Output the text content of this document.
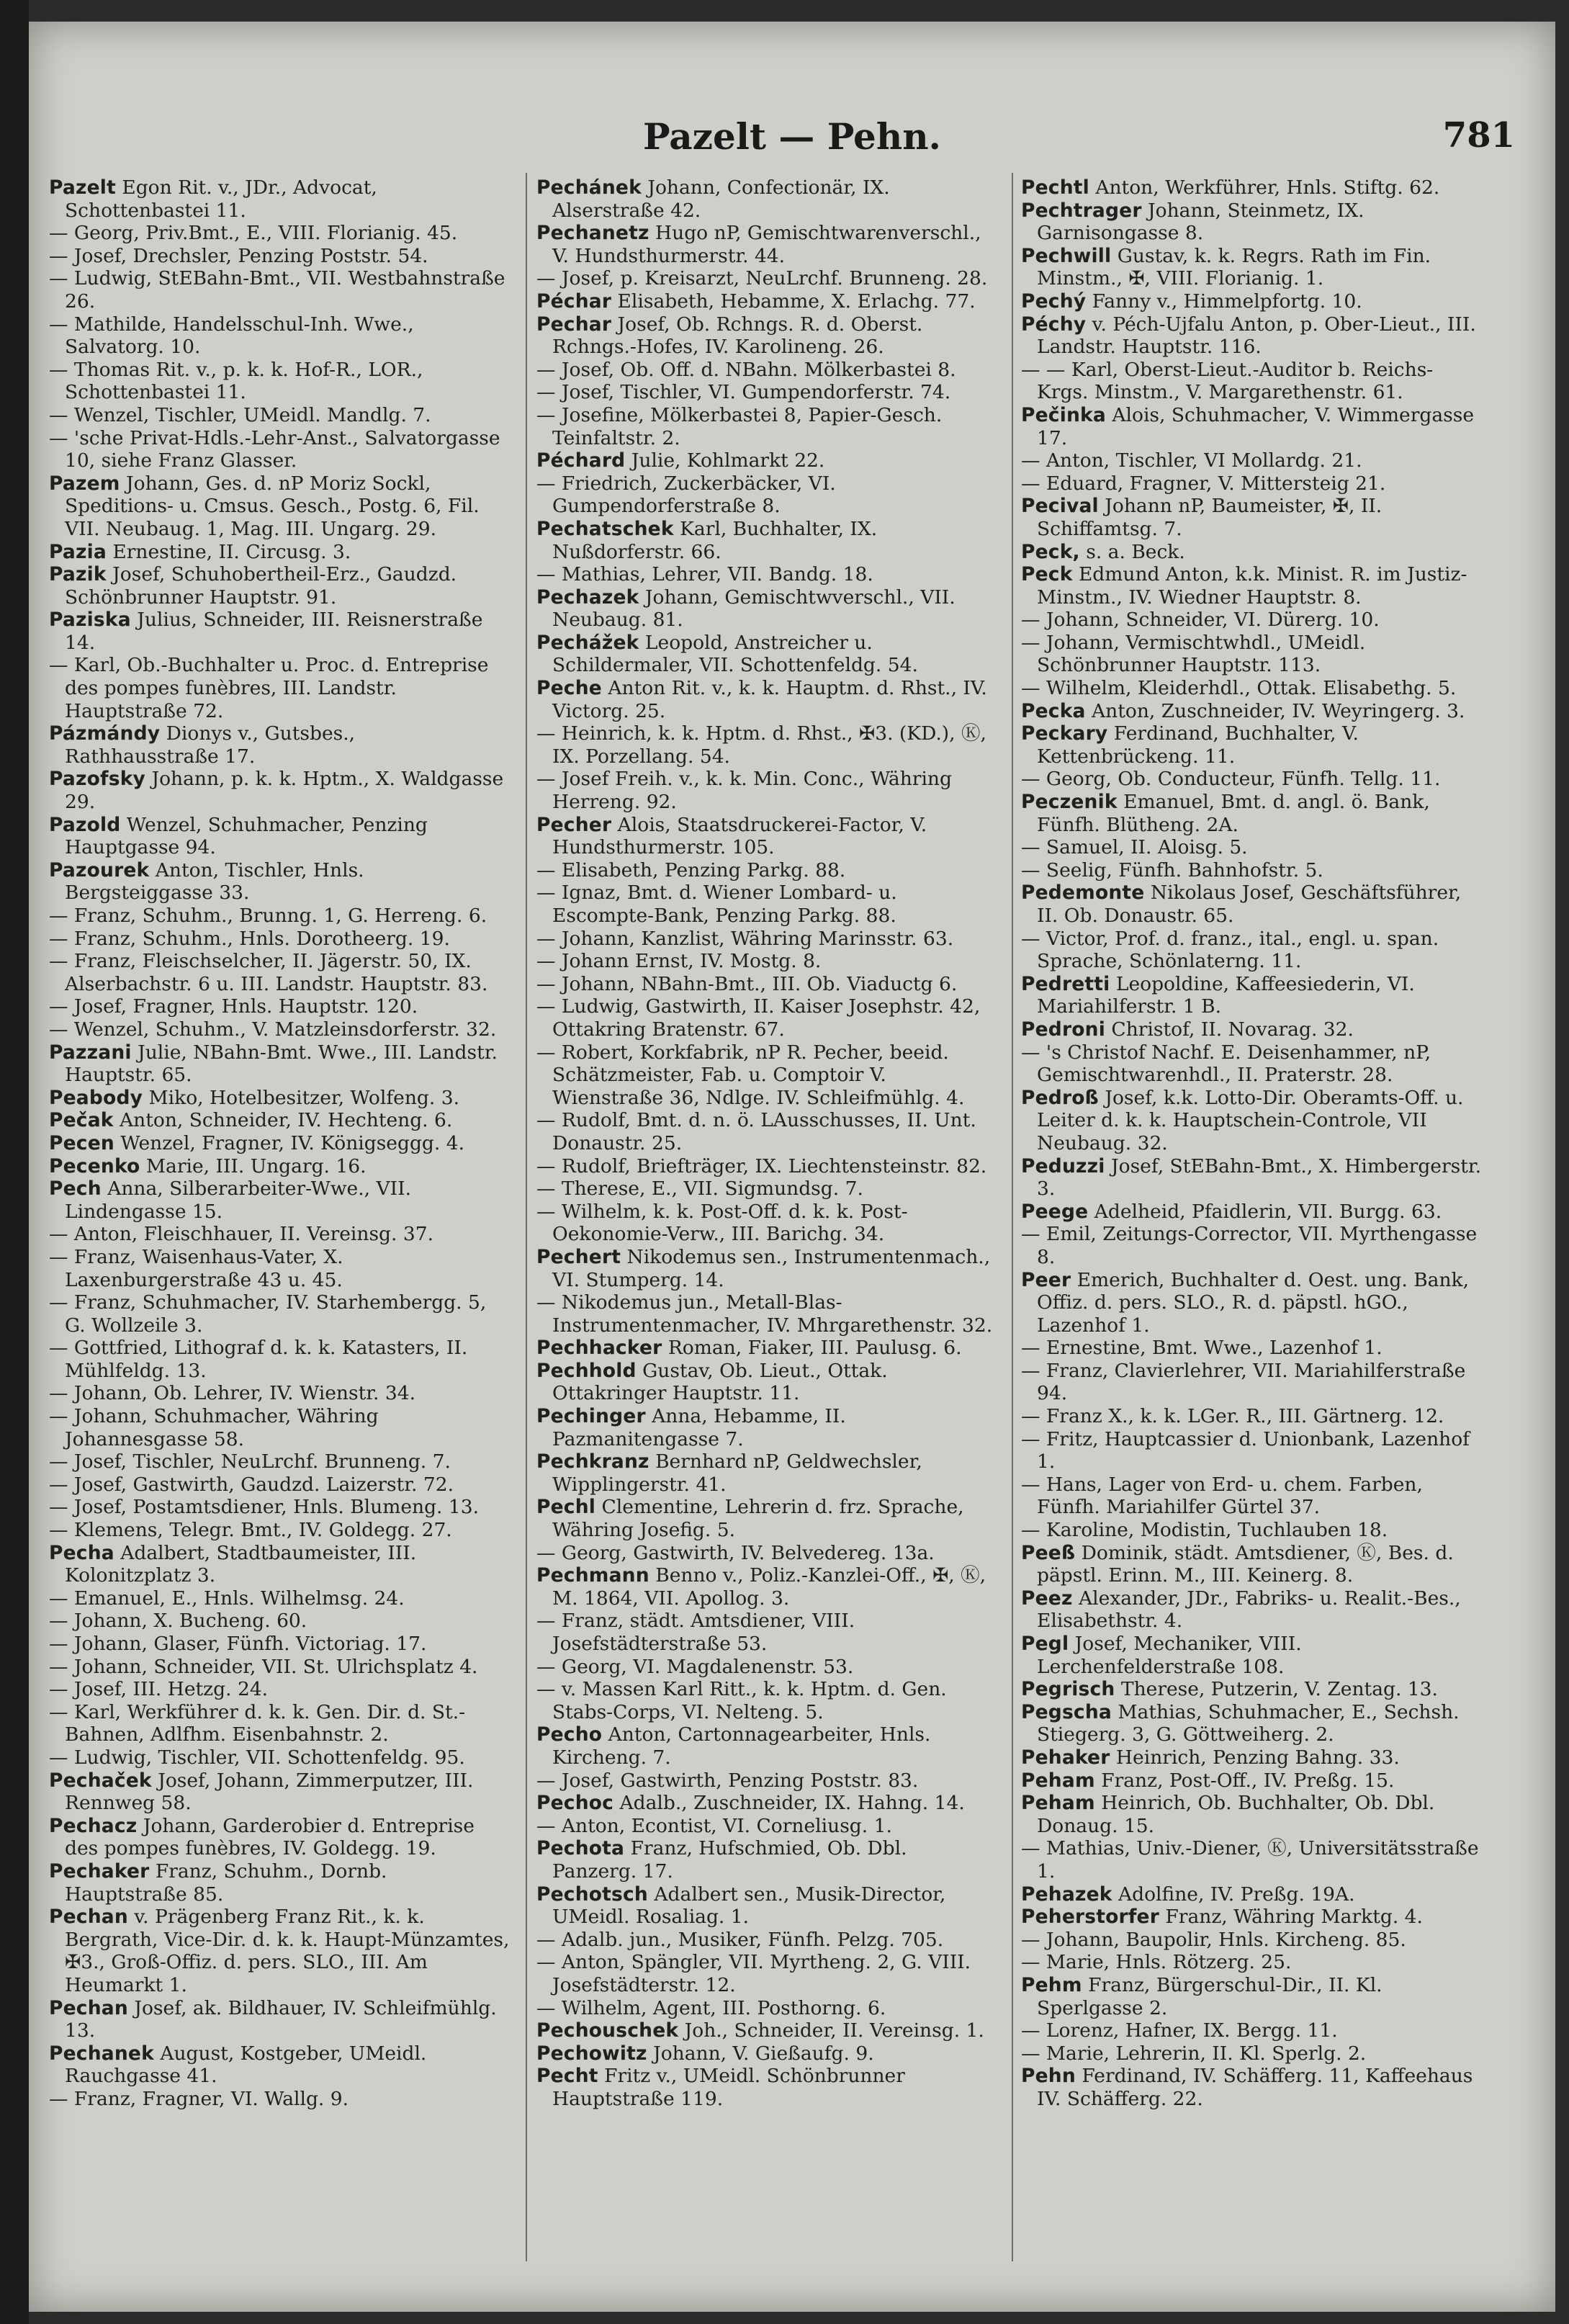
Pazelt — Pehn.	781

Pazelt Egon Rit. v., JDr., Advocat, Schottenbastei 11.

— Georg, Priv.Bmt., E., VIII. Florianig. 45.

— Josef, Drechsler, Penzing Poststr. 54.

— Ludwig, StEBahn-Bmt., VII. Westbahnstraße 26.

— Mathilde, Handelsschul-Inh. Wwe., Salvatorg. 10.

— Thomas Rit. v., p. k. k. Hof-R., LOR., Schottenbastei 11.

— Wenzel, Tischler, UMeidl. Mandlg. 7.

— 'sche Privat-Hdls.-Lehr-Anst., Salvatorgasse 10, siehe Franz Glasser.

Pazem Johann, Ges. d. nP Moriz Sockl, Speditions- u. Cmsus. Gesch., Postg. 6, Fil. VII. Neubaug. 1, Mag. III. Ungarg. 29.

Pazia Ernestine, II. Circusg. 3.

Pazik Josef, Schuhobertheil-Erz., Gaudzd. Schönbrunner Hauptstr. 91.

Paziska Julius, Schneider, III. Reisnerstraße 14.

— Karl, Ob.-Buchhalter u. Proc. d. Entreprise des pompes funèbres, III. Landstr. Hauptstraße 72.

Pázmándy Dionys v., Gutsbes., Rathhausstraße 17.

Pazofsky Johann, p. k. k. Hptm., X. Waldgasse 29.

Pazold Wenzel, Schuhmacher, Penzing Hauptgasse 94.

Pazourek Anton, Tischler, Hnls. Bergsteiggasse 33.

— Franz, Schuhm., Brunng. 1, G. Herreng. 6.

— Franz, Schuhm., Hnls. Dorotheerg. 19.

— Franz, Fleischselcher, II. Jägerstr. 50, IX. Alserbachstr. 6 u. III. Landstr. Hauptstr. 83.

— Josef, Fragner, Hnls. Hauptstr. 120.

— Wenzel, Schuhm., V. Matzleinsdorferstr. 32.

Pazzani Julie, NBahn-Bmt. Wwe., III. Landstr. Hauptstr. 65.

Peabody Miko, Hotelbesitzer, Wolfeng. 3.

Pečak Anton, Schneider, IV. Hechteng. 6.

Pecen Wenzel, Fragner, IV. Königseggg. 4.

Pecenko Marie, III. Ungarg. 16.

Pech Anna, Silberarbeiter-Wwe., VII. Lindengasse 15.

— Anton, Fleischhauer, II. Vereinsg. 37.

— Franz, Waisenhaus-Vater, X. Laxenburgerstraße 43 u. 45.

— Franz, Schuhmacher, IV. Starhembergg. 5, G. Wollzeile 3.

— Gottfried, Lithograf d. k. k. Katasters, II. Mühlfeldg. 13.

— Johann, Ob. Lehrer, IV. Wienstr. 34.

— Johann, Schuhmacher, Währing Johannesgasse 58.

— Josef, Tischler, NeuLrchf. Brunneng. 7.

— Josef, Gastwirth, Gaudzd. Laizerstr. 72.

— Josef, Postamtsdiener, Hnls. Blumeng. 13.

— Klemens, Telegr. Bmt., IV. Goldegg. 27.

Pecha Adalbert, Stadtbaumeister, III. Kolonitzplatz 3.

— Emanuel, E., Hnls. Wilhelmsg. 24.

— Johann, X. Bucheng. 60.

— Johann, Glaser, Fünfh. Victoriag. 17.

— Johann, Schneider, VII. St. Ulrichsplatz 4.

— Josef, III. Hetzg. 24.

— Karl, Werkführer d. k. k. Gen. Dir. d. St.-Bahnen, Adlfhm. Eisenbahnstr. 2.

— Ludwig, Tischler, VII. Schottenfeldg. 95.

Pechaček Josef, Johann, Zimmerputzer, III. Rennweg 58.

Pechacz Johann, Garderobier d. Entreprise des pompes funèbres, IV. Goldegg. 19.

Pechaker Franz, Schuhm., Dornb. Hauptstraße 85.

Pechan v. Prägenberg Franz Rit., k. k. Bergrath, Vice-Dir. d. k. k. Haupt-Münzamtes, ✠3., Groß-Offiz. d. pers. SLO., III. Am Heumarkt 1.

Pechan Josef, ak. Bildhauer, IV. Schleifmühlg. 13.

Pechanek August, Kostgeber, UMeidl. Rauchgasse 41.

— Franz, Fragner, VI. Wallg. 9.

Pechánek Johann, Confectionär, IX. Alserstraße 42.

Pechanetz Hugo nP, Gemischtwarenverschl., V. Hundsthurmerstr. 44.

— Josef, p. Kreisarzt, NeuLrchf. Brunneng. 28.

Péchar Elisabeth, Hebamme, X. Erlachg. 77.

Pechar Josef, Ob. Rchngs. R. d. Oberst. Rchngs.-Hofes, IV. Karolineng. 26.

— Josef, Ob. Off. d. NBahn. Mölkerbastei 8.

— Josef, Tischler, VI. Gumpendorferstr. 74.

— Josefine, Mölkerbastei 8, Papier-Gesch. Teinfaltstr. 2.

Péchard Julie, Kohlmarkt 22.

— Friedrich, Zuckerbäcker, VI. Gumpendorferstraße 8.

Pechatschek Karl, Buchhalter, IX. Nußdorferstr. 66.

— Mathias, Lehrer, VII. Bandg. 18.

Pechazek Johann, Gemischtwverschl., VII. Neubaug. 81.

Pechážek Leopold, Anstreicher u. Schildermaler, VII. Schottenfeldg. 54.

Peche Anton Rit. v., k. k. Hauptm. d. Rhst., IV. Victorg. 25.

— Heinrich, k. k. Hptm. d. Rhst., ✠3. (KD.), Ⓚ, IX. Porzellang. 54.

— Josef Freih. v., k. k. Min. Conc., Währing Herreng. 92.

Pecher Alois, Staatsdruckerei-Factor, V. Hundsthurmerstr. 105.

— Elisabeth, Penzing Parkg. 88.

— Ignaz, Bmt. d. Wiener Lombard- u. Escompte-Bank, Penzing Parkg. 88.

— Johann, Kanzlist, Währing Marinsstr. 63.

— Johann Ernst, IV. Mostg. 8.

— Johann, NBahn-Bmt., III. Ob. Viaductg 6.

— Ludwig, Gastwirth, II. Kaiser Josephstr. 42, Ottakring Bratenstr. 67.

— Robert, Korkfabrik, nP R. Pecher, beeid. Schätzmeister, Fab. u. Comptoir V. Wienstraße 36, Ndlge. IV. Schleifmühlg. 4.

— Rudolf, Bmt. d. n. ö. LAusschusses, II. Unt. Donaustr. 25.

— Rudolf, Briefträger, IX. Liechtensteinstr. 82.

— Therese, E., VII. Sigmundsg. 7.

— Wilhelm, k. k. Post-Off. d. k. k. Post-Oekonomie-Verw., III. Barichg. 34.

Pechert Nikodemus sen., Instrumentenmach., VI. Stumperg. 14.

— Nikodemus jun., Metall-Blas-Instrumentenmacher, IV. Mhrgarethenstr. 32.

Pechhacker Roman, Fiaker, III. Paulusg. 6.

Pechhold Gustav, Ob. Lieut., Ottak. Ottakringer Hauptstr. 11.

Pechinger Anna, Hebamme, II. Pazmanitengasse 7.

Pechkranz Bernhard nP, Geldwechsler, Wipplingerstr. 41.

Pechl Clementine, Lehrerin d. frz. Sprache, Währing Josefig. 5.

— Georg, Gastwirth, IV. Belvedereg. 13a.

Pechmann Benno v., Poliz.-Kanzlei-Off., ✠, Ⓚ, M. 1864, VII. Apollog. 3.

— Franz, städt. Amtsdiener, VIII. Josefstädterstraße 53.

— Georg, VI. Magdalenenstr. 53.

— v. Massen Karl Ritt., k. k. Hptm. d. Gen. Stabs-Corps, VI. Nelteng. 5.

Pecho Anton, Cartonnagearbeiter, Hnls. Kircheng. 7.

— Josef, Gastwirth, Penzing Poststr. 83.

Pechoc Adalb., Zuschneider, IX. Hahng. 14.

— Anton, Econtist, VI. Corneliusg. 1.

Pechota Franz, Hufschmied, Ob. Dbl. Panzerg. 17.

Pechotsch Adalbert sen., Musik-Director, UMeidl. Rosaliag. 1.

— Adalb. jun., Musiker, Fünfh. Pelzg. 705.

— Anton, Spängler, VII. Myrtheng. 2, G. VIII. Josefstädterstr. 12.

— Wilhelm, Agent, III. Posthorng. 6.

Pechouschek Joh., Schneider, II. Vereinsg. 1.

Pechowitz Johann, V. Gießaufg. 9.

Pecht Fritz v., UMeidl. Schönbrunner Hauptstraße 119.

Pechtl Anton, Werkführer, Hnls. Stiftg. 62.

Pechtrager Johann, Steinmetz, IX. Garnisongasse 8.

Pechwill Gustav, k. k. Regrs. Rath im Fin. Minstm., ✠, VIII. Florianig. 1.

Pechý Fanny v., Himmelpfortg. 10.

Péchy v. Péch-Ujfalu Anton, p. Ober-Lieut., III. Landstr. Hauptstr. 116.

— — Karl, Oberst-Lieut.-Auditor b. Reichs-Krgs. Minstm., V. Margarethenstr. 61.

Pečinka Alois, Schuhmacher, V. Wimmergasse 17.

— Anton, Tischler, VI Mollardg. 21.

— Eduard, Fragner, V. Mittersteig 21.

Pecival Johann nP, Baumeister, ✠, II. Schiffamtsg. 7.

Peck, s. a. Beck.

Peck Edmund Anton, k.k. Minist. R. im Justiz-Minstm., IV. Wiedner Hauptstr. 8.

— Johann, Schneider, VI. Dürerg. 10.

— Johann, Vermischtwhdl., UMeidl. Schönbrunner Hauptstr. 113.

— Wilhelm, Kleiderhdl., Ottak. Elisabethg. 5.

Pecka Anton, Zuschneider, IV. Weyringerg. 3.

Peckary Ferdinand, Buchhalter, V. Kettenbrückeng. 11.

— Georg, Ob. Conducteur, Fünfh. Tellg. 11.

Peczenik Emanuel, Bmt. d. angl. ö. Bank, Fünfh. Blütheng. 2A.

— Samuel, II. Aloisg. 5.

— Seelig, Fünfh. Bahnhofstr. 5.

Pedemonte Nikolaus Josef, Geschäftsführer, II. Ob. Donaustr. 65.

— Victor, Prof. d. franz., ital., engl. u. span. Sprache, Schönlaterng. 11.

Pedretti Leopoldine, Kaffeesiederin, VI. Mariahilferstr. 1 B.

Pedroni Christof, II. Novarag. 32.

— 's Christof Nachf. E. Deisenhammer, nP, Gemischtwarenhdl., II. Praterstr. 28.

Pedroß Josef, k.k. Lotto-Dir. Oberamts-Off. u. Leiter d. k. k. Hauptschein-Controle, VII Neubaug. 32.

Peduzzi Josef, StEBahn-Bmt., X. Himbergerstr. 3.

Peege Adelheid, Pfaidlerin, VII. Burgg. 63.

— Emil, Zeitungs-Corrector, VII. Myrthengasse 8.

Peer Emerich, Buchhalter d. Oest. ung. Bank, Offiz. d. pers. SLO., R. d. päpstl. hGO., Lazenhof 1.

— Ernestine, Bmt. Wwe., Lazenhof 1.

— Franz, Clavierlehrer, VII. Mariahilferstraße 94.

— Franz X., k. k. LGer. R., III. Gärtnerg. 12.

— Fritz, Hauptcassier d. Unionbank, Lazenhof 1.

— Hans, Lager von Erd- u. chem. Farben, Fünfh. Mariahilfer Gürtel 37.

— Karoline, Modistin, Tuchlauben 18.

Peeß Dominik, städt. Amtsdiener, Ⓚ, Bes. d. päpstl. Erinn. M., III. Keinerg. 8.

Peez Alexander, JDr., Fabriks- u. Realit.-Bes., Elisabethstr. 4.

Pegl Josef, Mechaniker, VIII. Lerchenfelderstraße 108.

Pegrisch Therese, Putzerin, V. Zentag. 13.

Pegscha Mathias, Schuhmacher, E., Sechsh. Stiegerg. 3, G. Göttweiherg. 2.

Pehaker Heinrich, Penzing Bahng. 33.

Peham Franz, Post-Off., IV. Preßg. 15.

Peham Heinrich, Ob. Buchhalter, Ob. Dbl. Donaug. 15.

— Mathias, Univ.-Diener, Ⓚ, Universitätsstraße 1.

Pehazek Adolfine, IV. Preßg. 19A.

Peherstorfer Franz, Währing Marktg. 4.

— Johann, Baupolir, Hnls. Kircheng. 85.

— Marie, Hnls. Rötzerg. 25.

Pehm Franz, Bürgerschul-Dir., II. Kl. Sperlgasse 2.

— Lorenz, Hafner, IX. Bergg. 11.

— Marie, Lehrerin, II. Kl. Sperlg. 2.

Pehn Ferdinand, IV. Schäfferg. 11, Kaffeehaus IV. Schäfferg. 22.
